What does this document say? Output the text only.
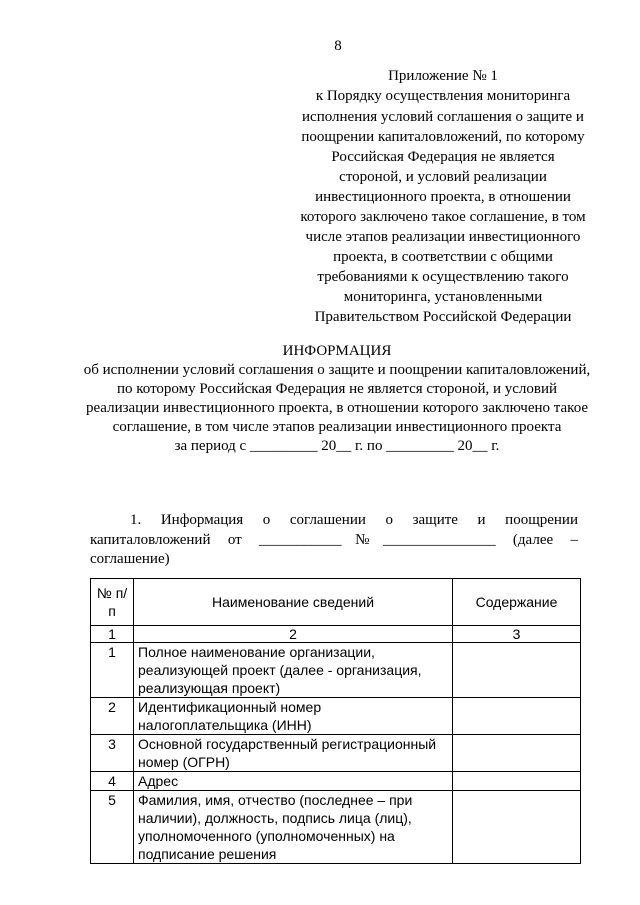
8
Приложение № 1
к Порядку осуществления мониторинга исполнения условий соглашения о защите и поощрении капиталовложений, по которому Российская Федерация не является стороной, и условий реализации инвестиционного проекта, в отношении которого заключено такое соглашение, в том числе этапов реализации инвестиционного проекта, в соответствии с общими требованиями к осуществлению такого мониторинга, установленными Правительством Российской Федерации
ИНФОРМАЦИЯ
об исполнении условий соглашения о защите и поощрении капиталовложений, по которому Российская Федерация не является стороной, и условий реализации инвестиционного проекта, в отношении которого заключено такое соглашение, в том числе этапов реализации инвестиционного проекта
за период с _________ 20__ г. по _________ 20__ г.
1. Информация о соглашении о защите и поощрении капиталовложений от ___________№_______________ (далее – соглашение)
№ п/п	Наименование сведений	Содержание
1	2	3
1	Полное наименование организации, реализующей проект (далее - организация, реализующая проект)	
2	Идентификационный номер налогоплательщика (ИНН)	
3	Основной государственный регистрационный номер (ОГРН)	
4	Адрес	
5	Фамилия, имя, отчество (последнее – при наличии), должность, подпись лица (лиц), уполномоченного (уполномоченных) на подписание решения	
